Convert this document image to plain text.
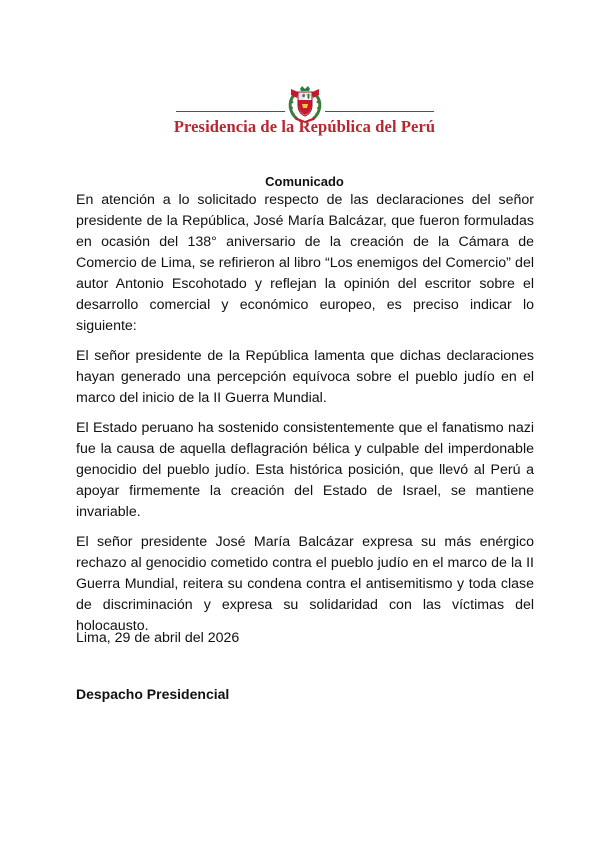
Presidencia de la República del Perú
Comunicado

En atención a lo solicitado respecto de las declaraciones del señor presidente de la República, José María Balcázar, que fueron formuladas en ocasión del 138° aniversario de la creación de la Cámara de Comercio de Lima, se refirieron al libro “Los enemigos del Comercio” del autor Antonio Escohotado y reflejan la opinión del escritor sobre el desarrollo comercial y económico europeo, es preciso indicar lo siguiente:

El señor presidente de la República lamenta que dichas declaraciones hayan generado una percepción equívoca sobre el pueblo judío en el marco del inicio de la II Guerra Mundial.

El Estado peruano ha sostenido consistentemente que el fanatismo nazi fue la causa de aquella deflagración bélica y culpable del imperdonable genocidio del pueblo judío. Esta histórica posición, que llevó al Perú a apoyar firmemente la creación del Estado de Israel, se mantiene invariable.

El señor presidente José María Balcázar expresa su más enérgico rechazo al genocidio cometido contra el pueblo judío en el marco de la II Guerra Mundial, reitera su condena contra el antisemitismo y toda clase de discriminación y expresa su solidaridad con las víctimas del holocausto.

Lima, 29 de abril del 2026
Despacho Presidencial
